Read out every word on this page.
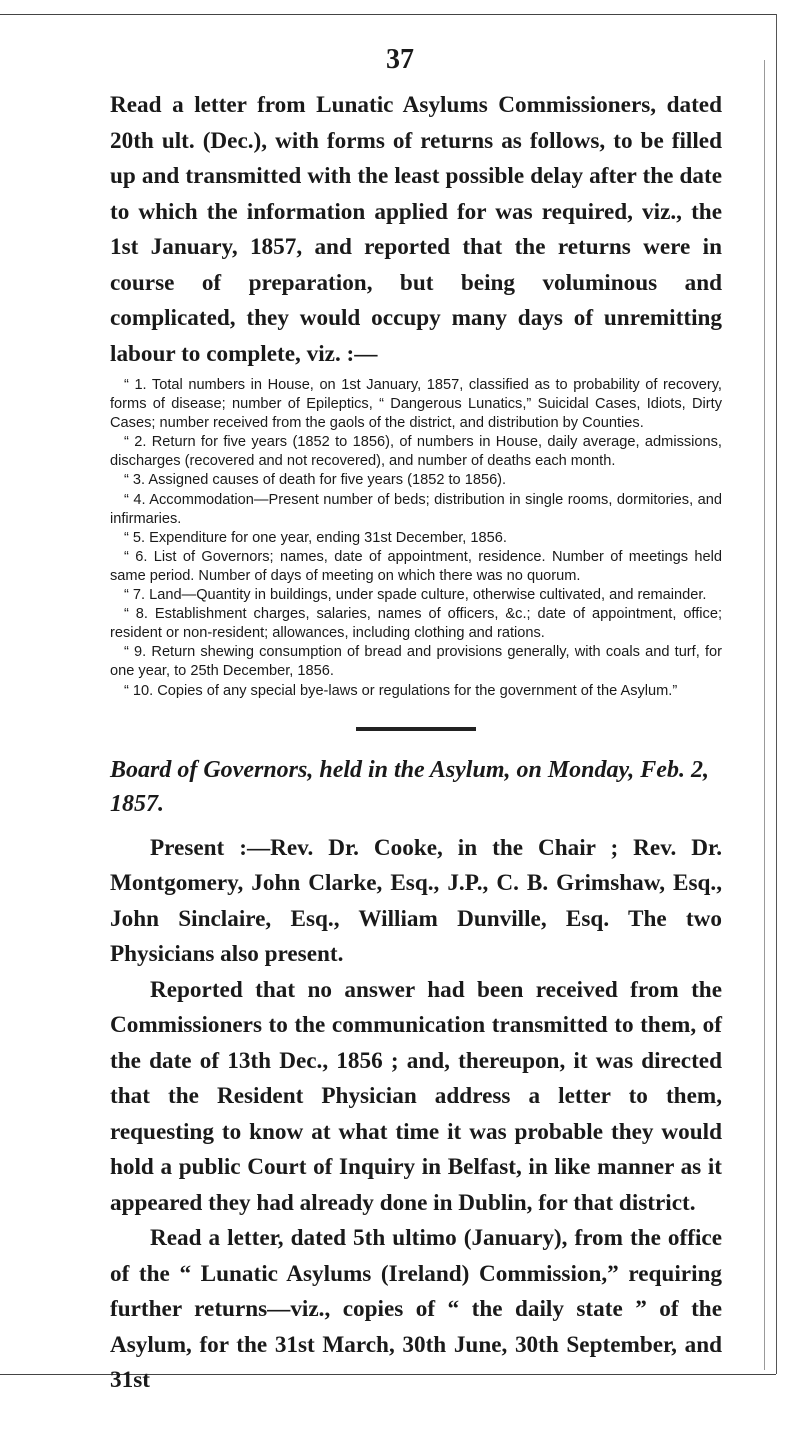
37

Read a letter from Lunatic Asylums Commissioners, dated 20th ult. (Dec.), with forms of returns as follows, to be filled up and transmitted with the least possible delay after the date to which the information applied for was required, viz., the 1st January, 1857, and reported that the returns were in course of preparation, but being voluminous and complicated, they would occupy many days of unremitting labour to complete, viz. :—

“ 1. Total numbers in House, on 1st January, 1857, classified as to probability of recovery, forms of disease; number of Epileptics, “ Dangerous Lunatics,” Suicidal Cases, Idiots, Dirty Cases; number received from the gaols of the district, and distribution by Counties.

“ 2. Return for five years (1852 to 1856), of numbers in House, daily average, admissions, discharges (recovered and not recovered), and number of deaths each month.

“ 3. Assigned causes of death for five years (1852 to 1856).

“ 4. Accommodation—Present number of beds; distribution in single rooms, dormitories, and infirmaries.

“ 5. Expenditure for one year, ending 31st December, 1856.

“ 6. List of Governors; names, date of appointment, residence. Number of meetings held same period. Number of days of meeting on which there was no quorum.

“ 7. Land—Quantity in buildings, under spade culture, otherwise cultivated, and remainder.

“ 8. Establishment charges, salaries, names of officers, &c.; date of appointment, office; resident or non-resident; allowances, including clothing and rations.

“ 9. Return shewing consumption of bread and provisions generally, with coals and turf, for one year, to 25th December, 1856.

“ 10. Copies of any special bye-laws or regulations for the government of the Asylum.”

Board of Governors, held in the Asylum, on Monday, Feb. 2, 1857.

Present :—Rev. Dr. Cooke, in the Chair ; Rev. Dr. Montgomery, John Clarke, Esq., J.P., C. B. Grimshaw, Esq., John Sinclaire, Esq., William Dunville, Esq. The two Physicians also present.

Reported that no answer had been received from the Commissioners to the communication transmitted to them, of the date of 13th Dec., 1856 ; and, thereupon, it was directed that the Resident Physician address a letter to them, requesting to know at what time it was probable they would hold a public Court of Inquiry in Belfast, in like manner as it appeared they had already done in Dublin, for that district.

Read a letter, dated 5th ultimo (January), from the office of the “ Lunatic Asylums (Ireland) Commission,” requiring further returns—viz., copies of “ the daily state ” of the Asylum, for the 31st March, 30th June, 30th September, and 31st
